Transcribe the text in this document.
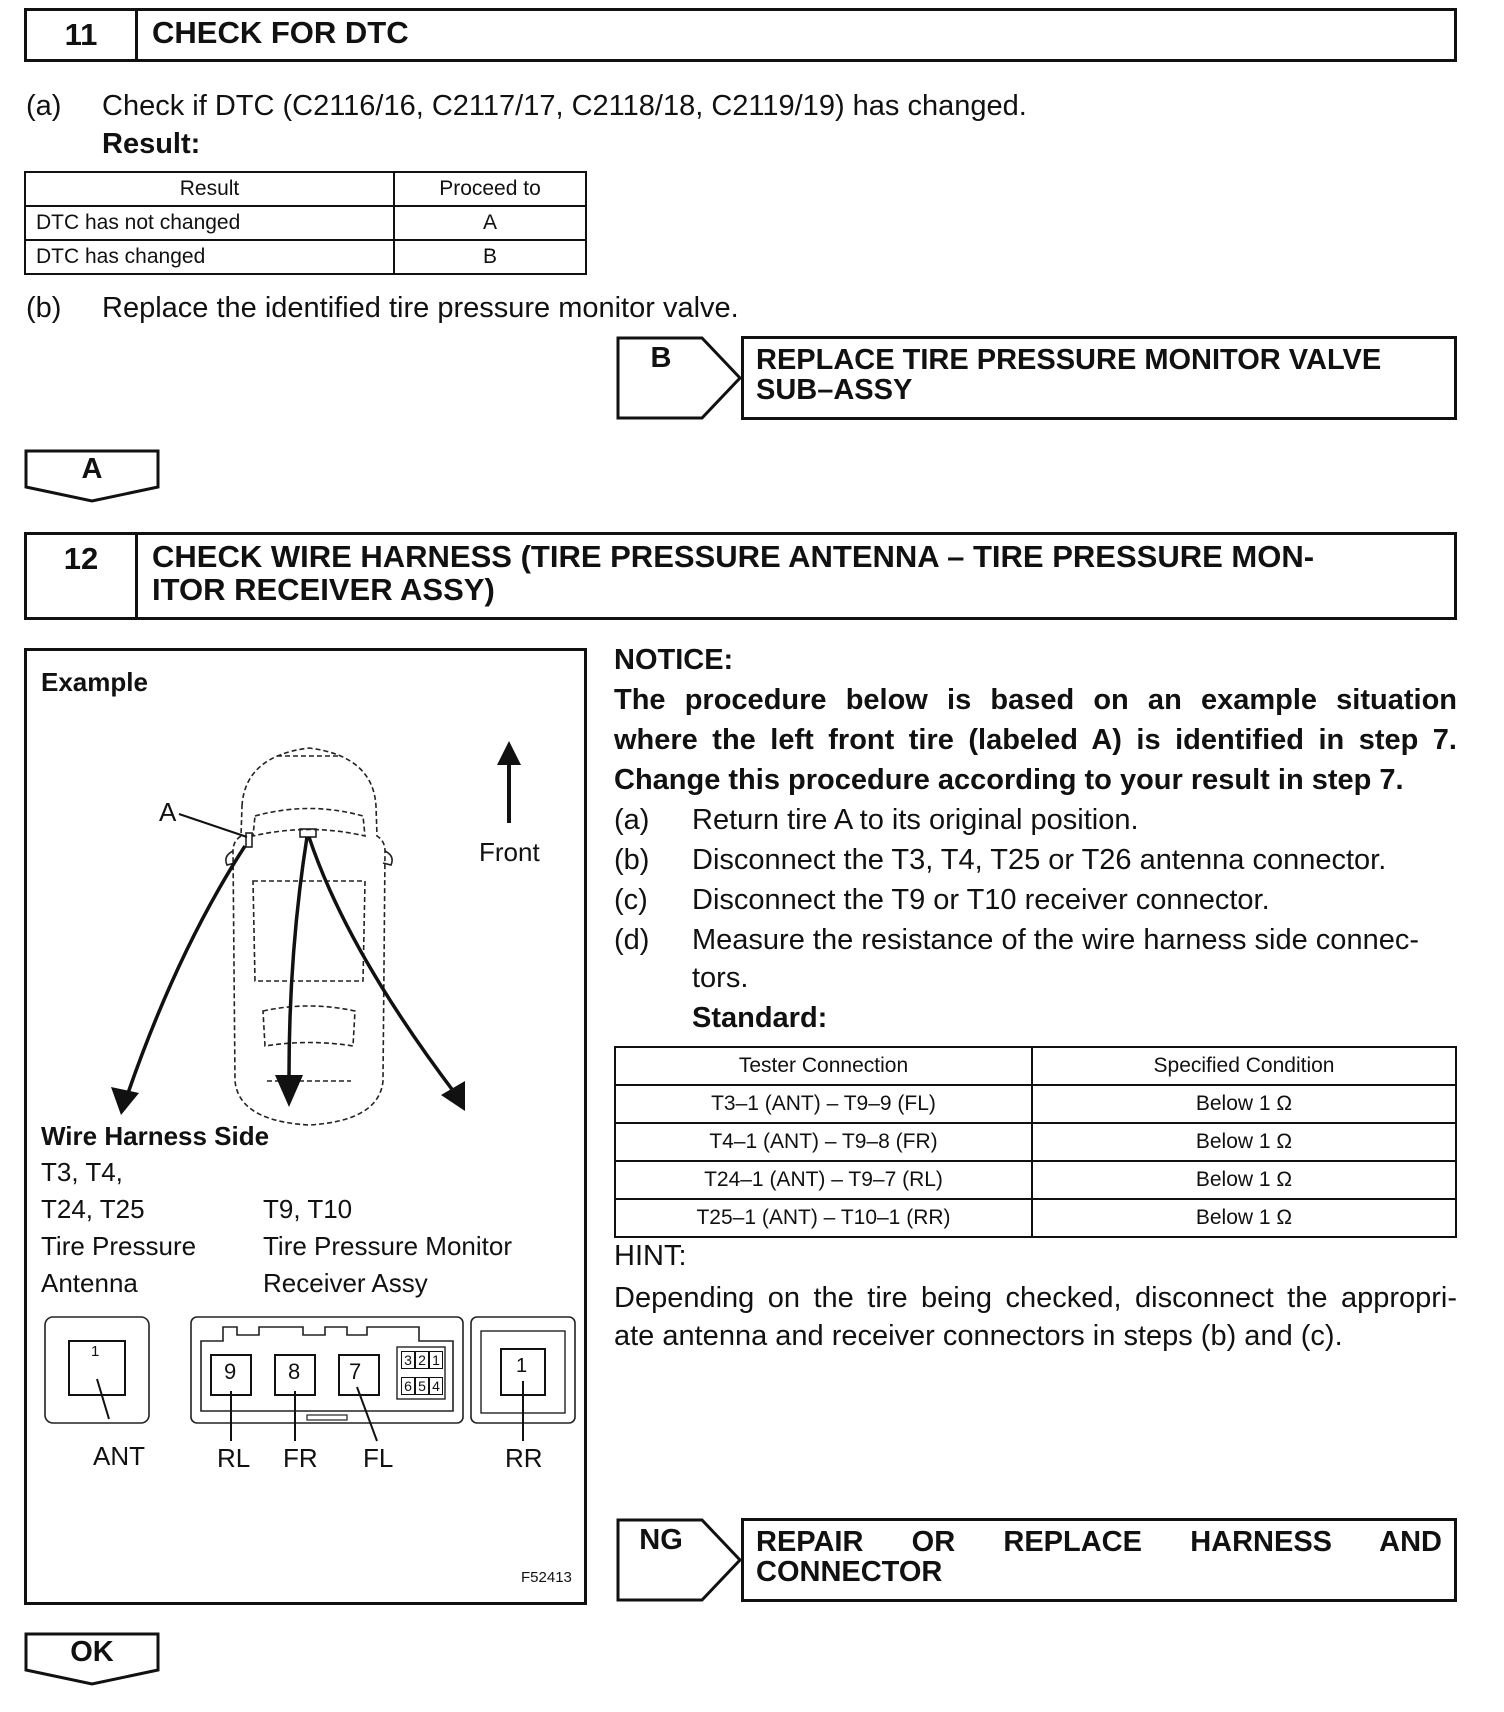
11	CHECK FOR DTC
(a) Check if DTC (C2116/16, C2117/17, C2118/18, C2119/19) has changed.
Result:
Result	Proceed to
DTC has not changed	A
DTC has changed	B
(b) Replace the identified tire pressure monitor valve.
B	REPLACE TIRE PRESSURE MONITOR VALVE
SUB–ASSY
A
12	CHECK WIRE HARNESS (TIRE PRESSURE ANTENNA – TIRE PRESSURE MON-
ITOR RECEIVER ASSY)
Example
A
Front
Wire Harness Side
T3, T4,
T24, T25
Tire Pressure
Antenna
T9, T10
Tire Pressure Monitor
Receiver Assy
1
9 8 7	1
3 2 1
6 5 4
ANT	RL FR FL	RR
F52413
NOTICE:
The procedure below is based on an example situation
where the left front tire (labeled A) is identified in step 7.
Change this procedure according to your result in step 7.
(a) Return tire A to its original position.
(b) Disconnect the T3, T4, T25 or T26 antenna connector.
(c) Disconnect the T9 or T10 receiver connector.
(d) Measure the resistance of the wire harness side connec-
tors.
Standard:
Tester Connection	Specified Condition
T3–1 (ANT) – T9–9 (FL)	Below 1 Ω
T4–1 (ANT) – T9–8 (FR)	Below 1 Ω
T24–1 (ANT) – T9–7 (RL)	Below 1 Ω
T25–1 (ANT) – T10–1 (RR)	Below 1 Ω
HINT:
Depending on the tire being checked, disconnect the appropri-
ate antenna and receiver connectors in steps (b) and (c).
NG	REPAIR OR REPLACE HARNESS AND
CONNECTOR
OK
